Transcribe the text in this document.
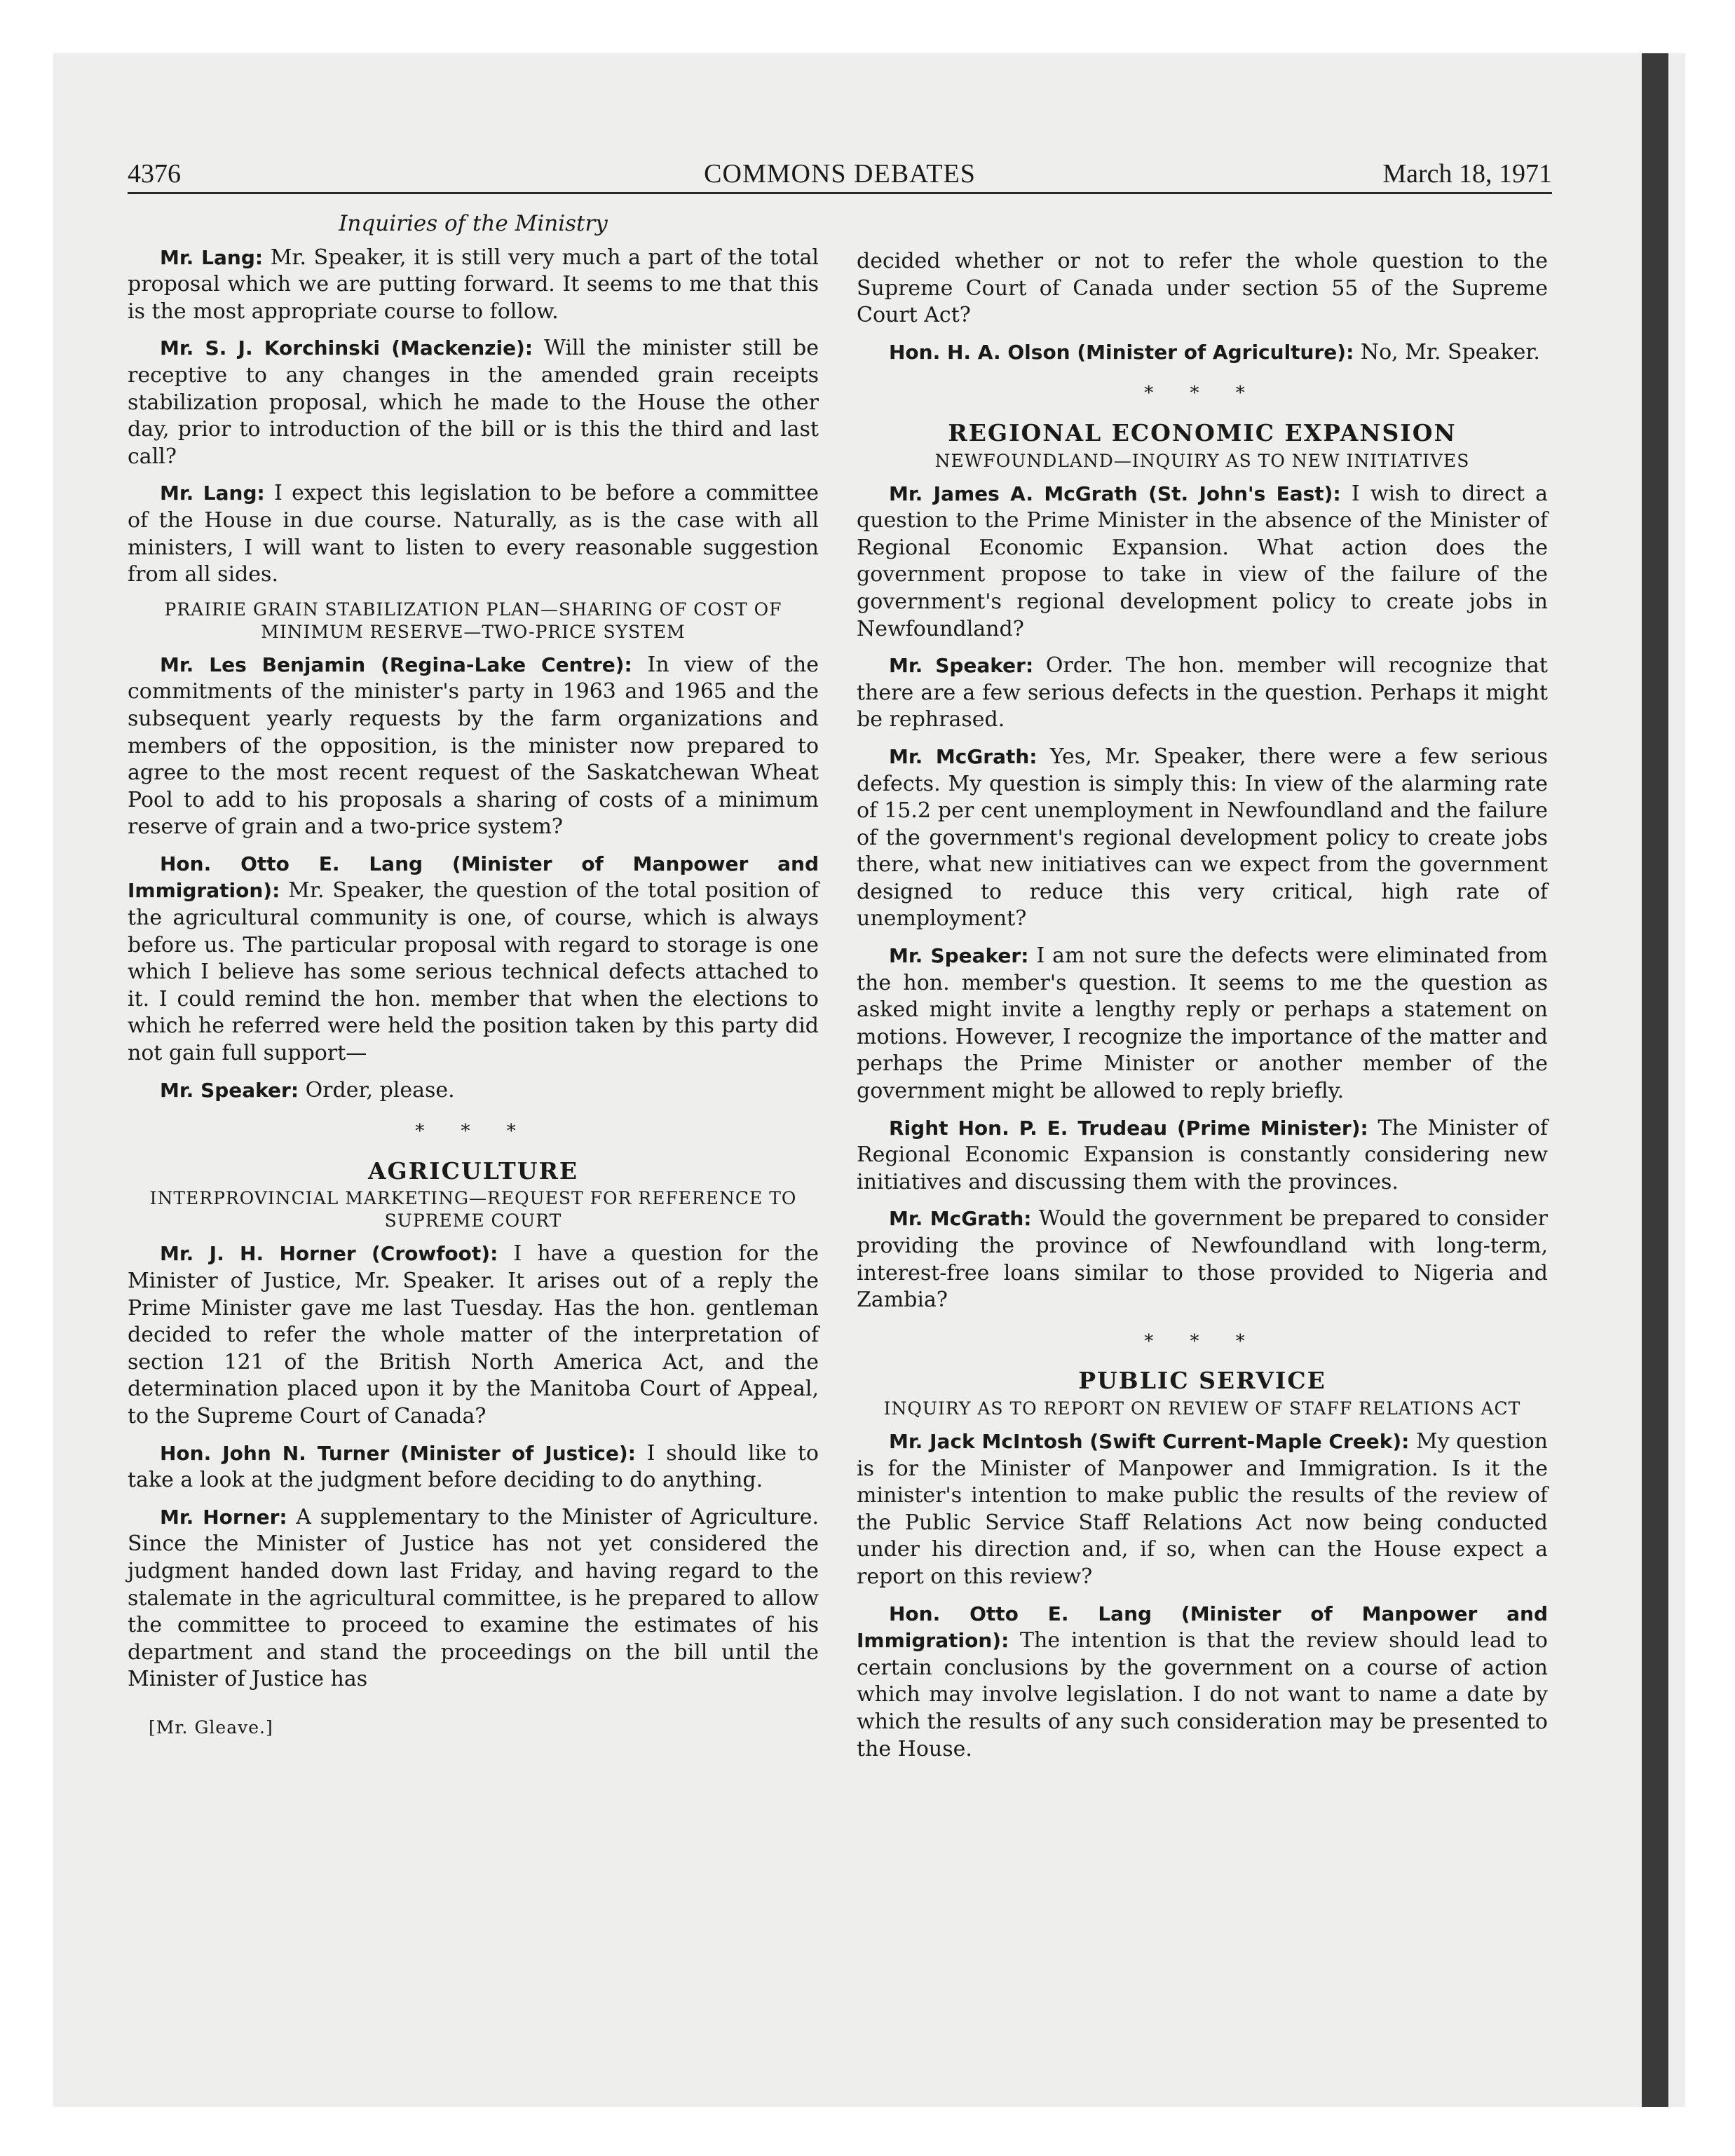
4376	COMMONS DEBATES	March 18, 1971
Inquiries of the Ministry

Mr. Lang: Mr. Speaker, it is still very much a part of the total proposal which we are putting forward. It seems to me that this is the most appropriate course to follow.

Mr. S. J. Korchinski (Mackenzie): Will the minister still be receptive to any changes in the amended grain receipts stabilization proposal, which he made to the House the other day, prior to introduction of the bill or is this the third and last call?

Mr. Lang: I expect this legislation to be before a committee of the House in due course. Naturally, as is the case with all ministers, I will want to listen to every reasonable suggestion from all sides.

PRAIRIE GRAIN STABILIZATION PLAN—SHARING OF COST OF MINIMUM RESERVE—TWO-PRICE SYSTEM

Mr. Les Benjamin (Regina-Lake Centre): In view of the commitments of the minister's party in 1963 and 1965 and the subsequent yearly requests by the farm organizations and members of the opposition, is the minister now prepared to agree to the most recent request of the Saskatchewan Wheat Pool to add to his proposals a sharing of costs of a minimum reserve of grain and a two-price system?

Hon. Otto E. Lang (Minister of Manpower and Immigration): Mr. Speaker, the question of the total position of the agricultural community is one, of course, which is always before us. The particular proposal with regard to storage is one which I believe has some serious technical defects attached to it. I could remind the hon. member that when the elections to which he referred were held the position taken by this party did not gain full support—

Mr. Speaker: Order, please.

* * *
AGRICULTURE
INTERPROVINCIAL MARKETING—REQUEST FOR REFERENCE TO SUPREME COURT

Mr. J. H. Horner (Crowfoot): I have a question for the Minister of Justice, Mr. Speaker. It arises out of a reply the Prime Minister gave me last Tuesday. Has the hon. gentleman decided to refer the whole matter of the interpretation of section 121 of the British North America Act, and the determination placed upon it by the Manitoba Court of Appeal, to the Supreme Court of Canada?

Hon. John N. Turner (Minister of Justice): I should like to take a look at the judgment before deciding to do anything.

Mr. Horner: A supplementary to the Minister of Agriculture. Since the Minister of Justice has not yet considered the judgment handed down last Friday, and having regard to the stalemate in the agricultural committee, is he prepared to allow the committee to proceed to examine the estimates of his department and stand the proceedings on the bill until the Minister of Justice has

[Mr. Gleave.]

decided whether or not to refer the whole question to the Supreme Court of Canada under section 55 of the Supreme Court Act?

Hon. H. A. Olson (Minister of Agriculture): No, Mr. Speaker.

* * *
REGIONAL ECONOMIC EXPANSION
NEWFOUNDLAND—INQUIRY AS TO NEW INITIATIVES

Mr. James A. McGrath (St. John's East): I wish to direct a question to the Prime Minister in the absence of the Minister of Regional Economic Expansion. What action does the government propose to take in view of the failure of the government's regional development policy to create jobs in Newfoundland?

Mr. Speaker: Order. The hon. member will recognize that there are a few serious defects in the question. Perhaps it might be rephrased.

Mr. McGrath: Yes, Mr. Speaker, there were a few serious defects. My question is simply this: In view of the alarming rate of 15.2 per cent unemployment in Newfoundland and the failure of the government's regional development policy to create jobs there, what new initiatives can we expect from the government designed to reduce this very critical, high rate of unemployment?

Mr. Speaker: I am not sure the defects were eliminated from the hon. member's question. It seems to me the question as asked might invite a lengthy reply or perhaps a statement on motions. However, I recognize the importance of the matter and perhaps the Prime Minister or another member of the government might be allowed to reply briefly.

Right Hon. P. E. Trudeau (Prime Minister): The Minister of Regional Economic Expansion is constantly considering new initiatives and discussing them with the provinces.

Mr. McGrath: Would the government be prepared to consider providing the province of Newfoundland with long-term, interest-free loans similar to those provided to Nigeria and Zambia?

* * *
PUBLIC SERVICE
INQUIRY AS TO REPORT ON REVIEW OF STAFF RELATIONS ACT

Mr. Jack McIntosh (Swift Current-Maple Creek): My question is for the Minister of Manpower and Immigration. Is it the minister's intention to make public the results of the review of the Public Service Staff Relations Act now being conducted under his direction and, if so, when can the House expect a report on this review?

Hon. Otto E. Lang (Minister of Manpower and Immigration): The intention is that the review should lead to certain conclusions by the government on a course of action which may involve legislation. I do not want to name a date by which the results of any such consideration may be presented to the House.
